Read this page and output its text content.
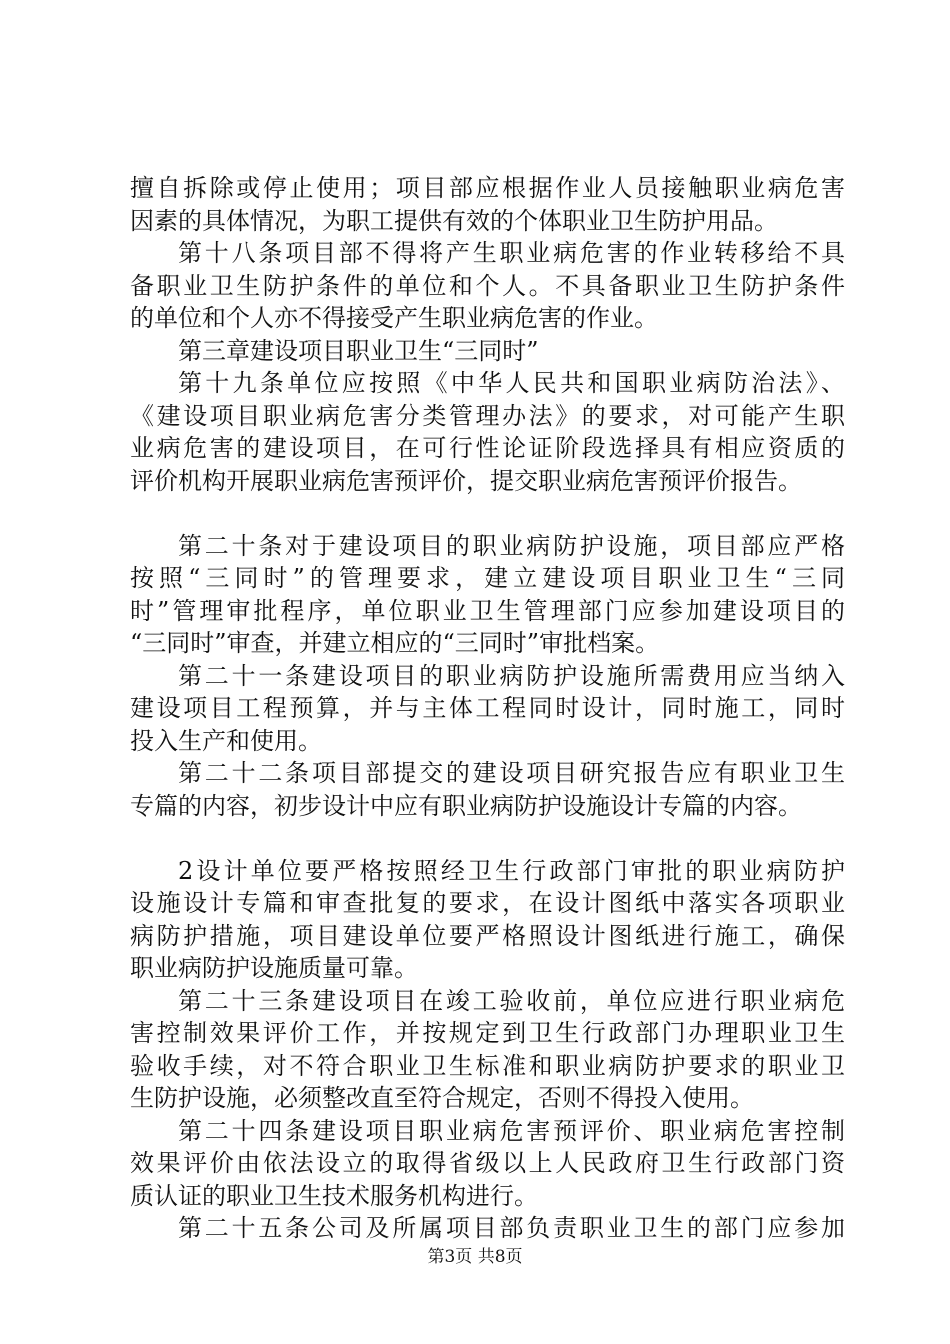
擅自拆除或停止使用；项目部应根据作业人员接触职业病危害
因素的具体情况，为职工提供有效的个体职业卫生防护用品。
第十八条项目部不得将产生职业病危害的作业转移给不具
备职业卫生防护条件的单位和个人。不具备职业卫生防护条件
的单位和个人亦不得接受产生职业病危害的作业。
第三章建设项目职业卫生“三同时”
第十九条单位应按照《中华人民共和国职业病防治法》、
《建设项目职业病危害分类管理办法》的要求，对可能产生职
业病危害的建设项目，在可行性论证阶段选择具有相应资质的
评价机构开展职业病危害预评价，提交职业病危害预评价报告。
第二十条对于建设项目的职业病防护设施，项目部应严格
按照“三同时”的管理要求，建立建设项目职业卫生“三同
时”管理审批程序，单位职业卫生管理部门应参加建设项目的
“三同时”审查，并建立相应的“三同时”审批档案。
第二十一条建设项目的职业病防护设施所需费用应当纳入
建设项目工程预算，并与主体工程同时设计，同时施工，同时
投入生产和使用。
第二十二条项目部提交的建设项目研究报告应有职业卫生
专篇的内容，初步设计中应有职业病防护设施设计专篇的内容。
2设计单位要严格按照经卫生行政部门审批的职业病防护
设施设计专篇和审查批复的要求，在设计图纸中落实各项职业
病防护措施，项目建设单位要严格照设计图纸进行施工，确保
职业病防护设施质量可靠。
第二十三条建设项目在竣工验收前，单位应进行职业病危
害控制效果评价工作，并按规定到卫生行政部门办理职业卫生
验收手续，对不符合职业卫生标准和职业病防护要求的职业卫
生防护设施，必须整改直至符合规定，否则不得投入使用。
第二十四条建设项目职业病危害预评价、职业病危害控制
效果评价由依法设立的取得省级以上人民政府卫生行政部门资
质认证的职业卫生技术服务机构进行。
第二十五条公司及所属项目部负责职业卫生的部门应参加
第3页 共8页
